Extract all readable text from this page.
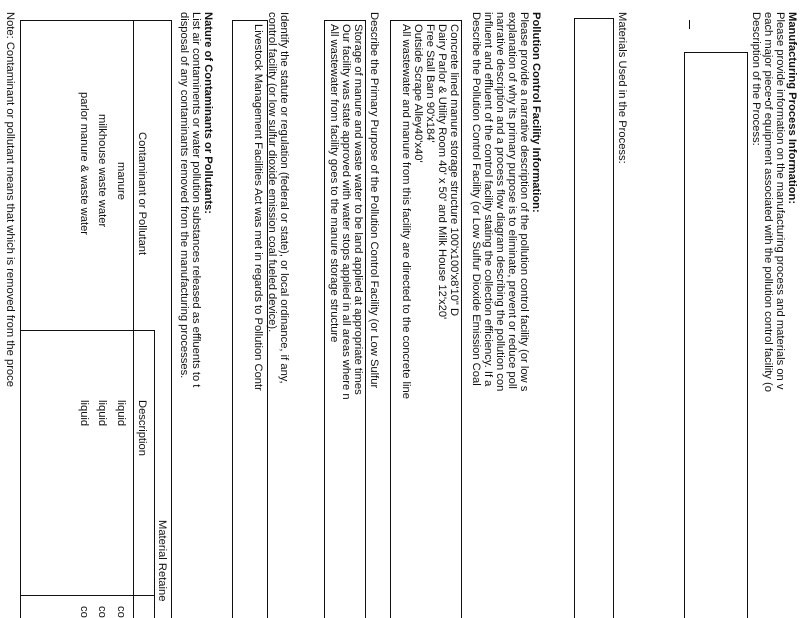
Manufacturing Process Information:
Please provide information on the manufacturing process and materials on v
each major piece of equipment associated with the pollution control facility (o
Description of the Process:
Materials Used in the Process:
Pollution Control Facility Information:
Please provide a narrative description of the pollution control facility (or low s
explanation of why its primary purpose is to eliminate, prevent or reduce poll
narrative description and a process flow diagram describing the pollution con
influent and effluent of the control facility stating the collection efficiency. If a
Describe the Pollution Control Facility (or Low Sulfur Dioxide Emission Coal
Concrete lined manure storage structure 100'x100'x8'10" D
Dairy Parlor & Utility Room 40' x 50' and Milk House 12'x20'
Free Stall Barn 90'x184'
Outside Scrape Alley40'x40'
All wastewater and manure from this facility are directed to the concrete line
Describe the Primary Purpose of the Pollution Control Facility (or Low Sulfur
Storage of manure and waste water to be land applied at appropriate times
Our facility was state approved with water stops applied in all areas where n
All wastewater from facility goes to the manure storage structure
Identify the statute or regulation (federal or state), or local ordinance, if any,
control facility (or low sulfur dioxide emission coal fueled device).
Livestock Management Facilities Act was met in regards to Pollution Contr
Nature of Contaminants or Pollutants:
List air contaminents or water pollution substances released as effluents to t
disposal of any contaminants removed from the manufacturing processes.
Material Retaine
Contaminant or Pollutant
Description
manure
liquid
co
milkhouse waste water
liquid
co
parlor manure & waste water
liquid
co
Note: Contaminant or pollutant means that which is removed from the proce
